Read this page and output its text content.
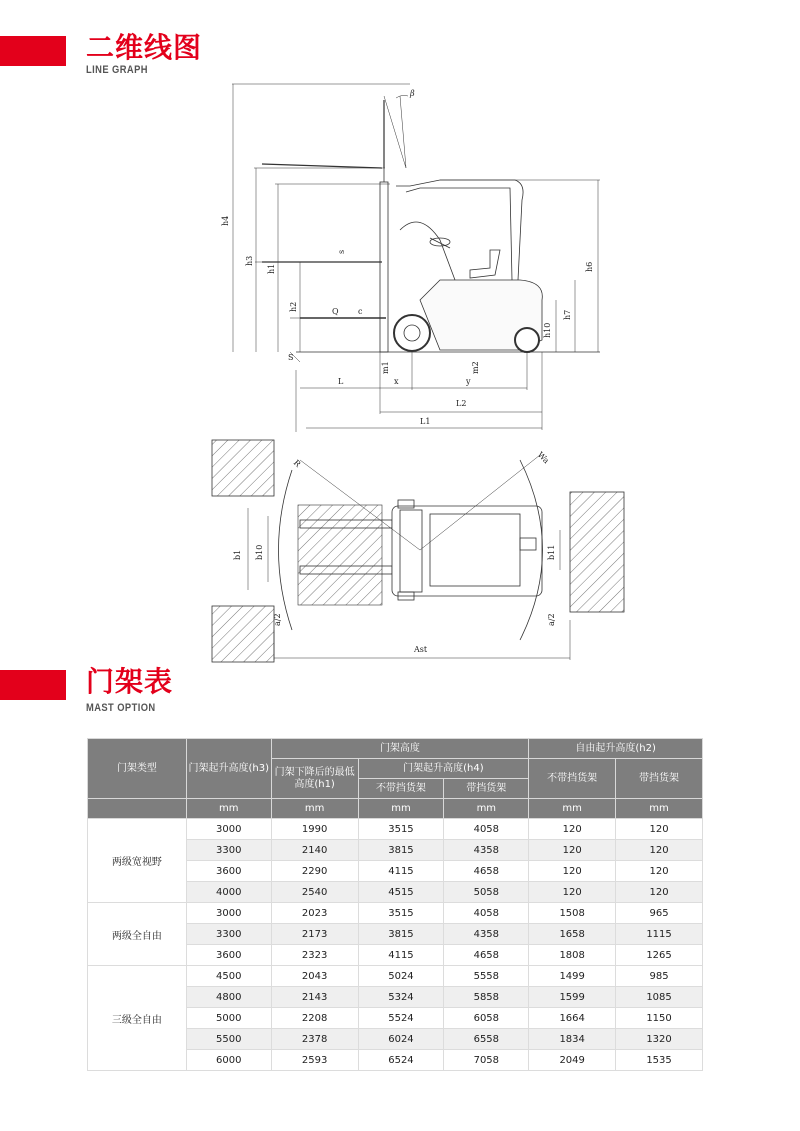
二维线图
LINE GRAPH
h4
h3
h1
h2
h6
h7
h10
S
L	x	y
L2
L1
m1	m2
c
Q
s
β
b1 b10	b11
a/2	a/2
Ast
Wa
R
门架表
MAST OPTION
门架类型	门架起升高度(h3)	门架高度			自由起升高度(h2)	
		门架下降后的最低高度(h1)	门架起升高度(h4)		不带挡货架	带挡货架
			不带挡货架	带挡货架		
	mm	mm	mm	mm	mm	mm
两级宽视野	3000	1990	3515	4058	120	120
	3300	2140	3815	4358	120	120
	3600	2290	4115	4658	120	120
	4000	2540	4515	5058	120	120
两级全自由	3000	2023	3515	4058	1508	965
	3300	2173	3815	4358	1658	1115
	3600	2323	4115	4658	1808	1265
三级全自由	4500	2043	5024	5558	1499	985
	4800	2143	5324	5858	1599	1085
	5000	2208	5524	6058	1664	1150
	5500	2378	6024	6558	1834	1320
	6000	2593	6524	7058	2049	1535
